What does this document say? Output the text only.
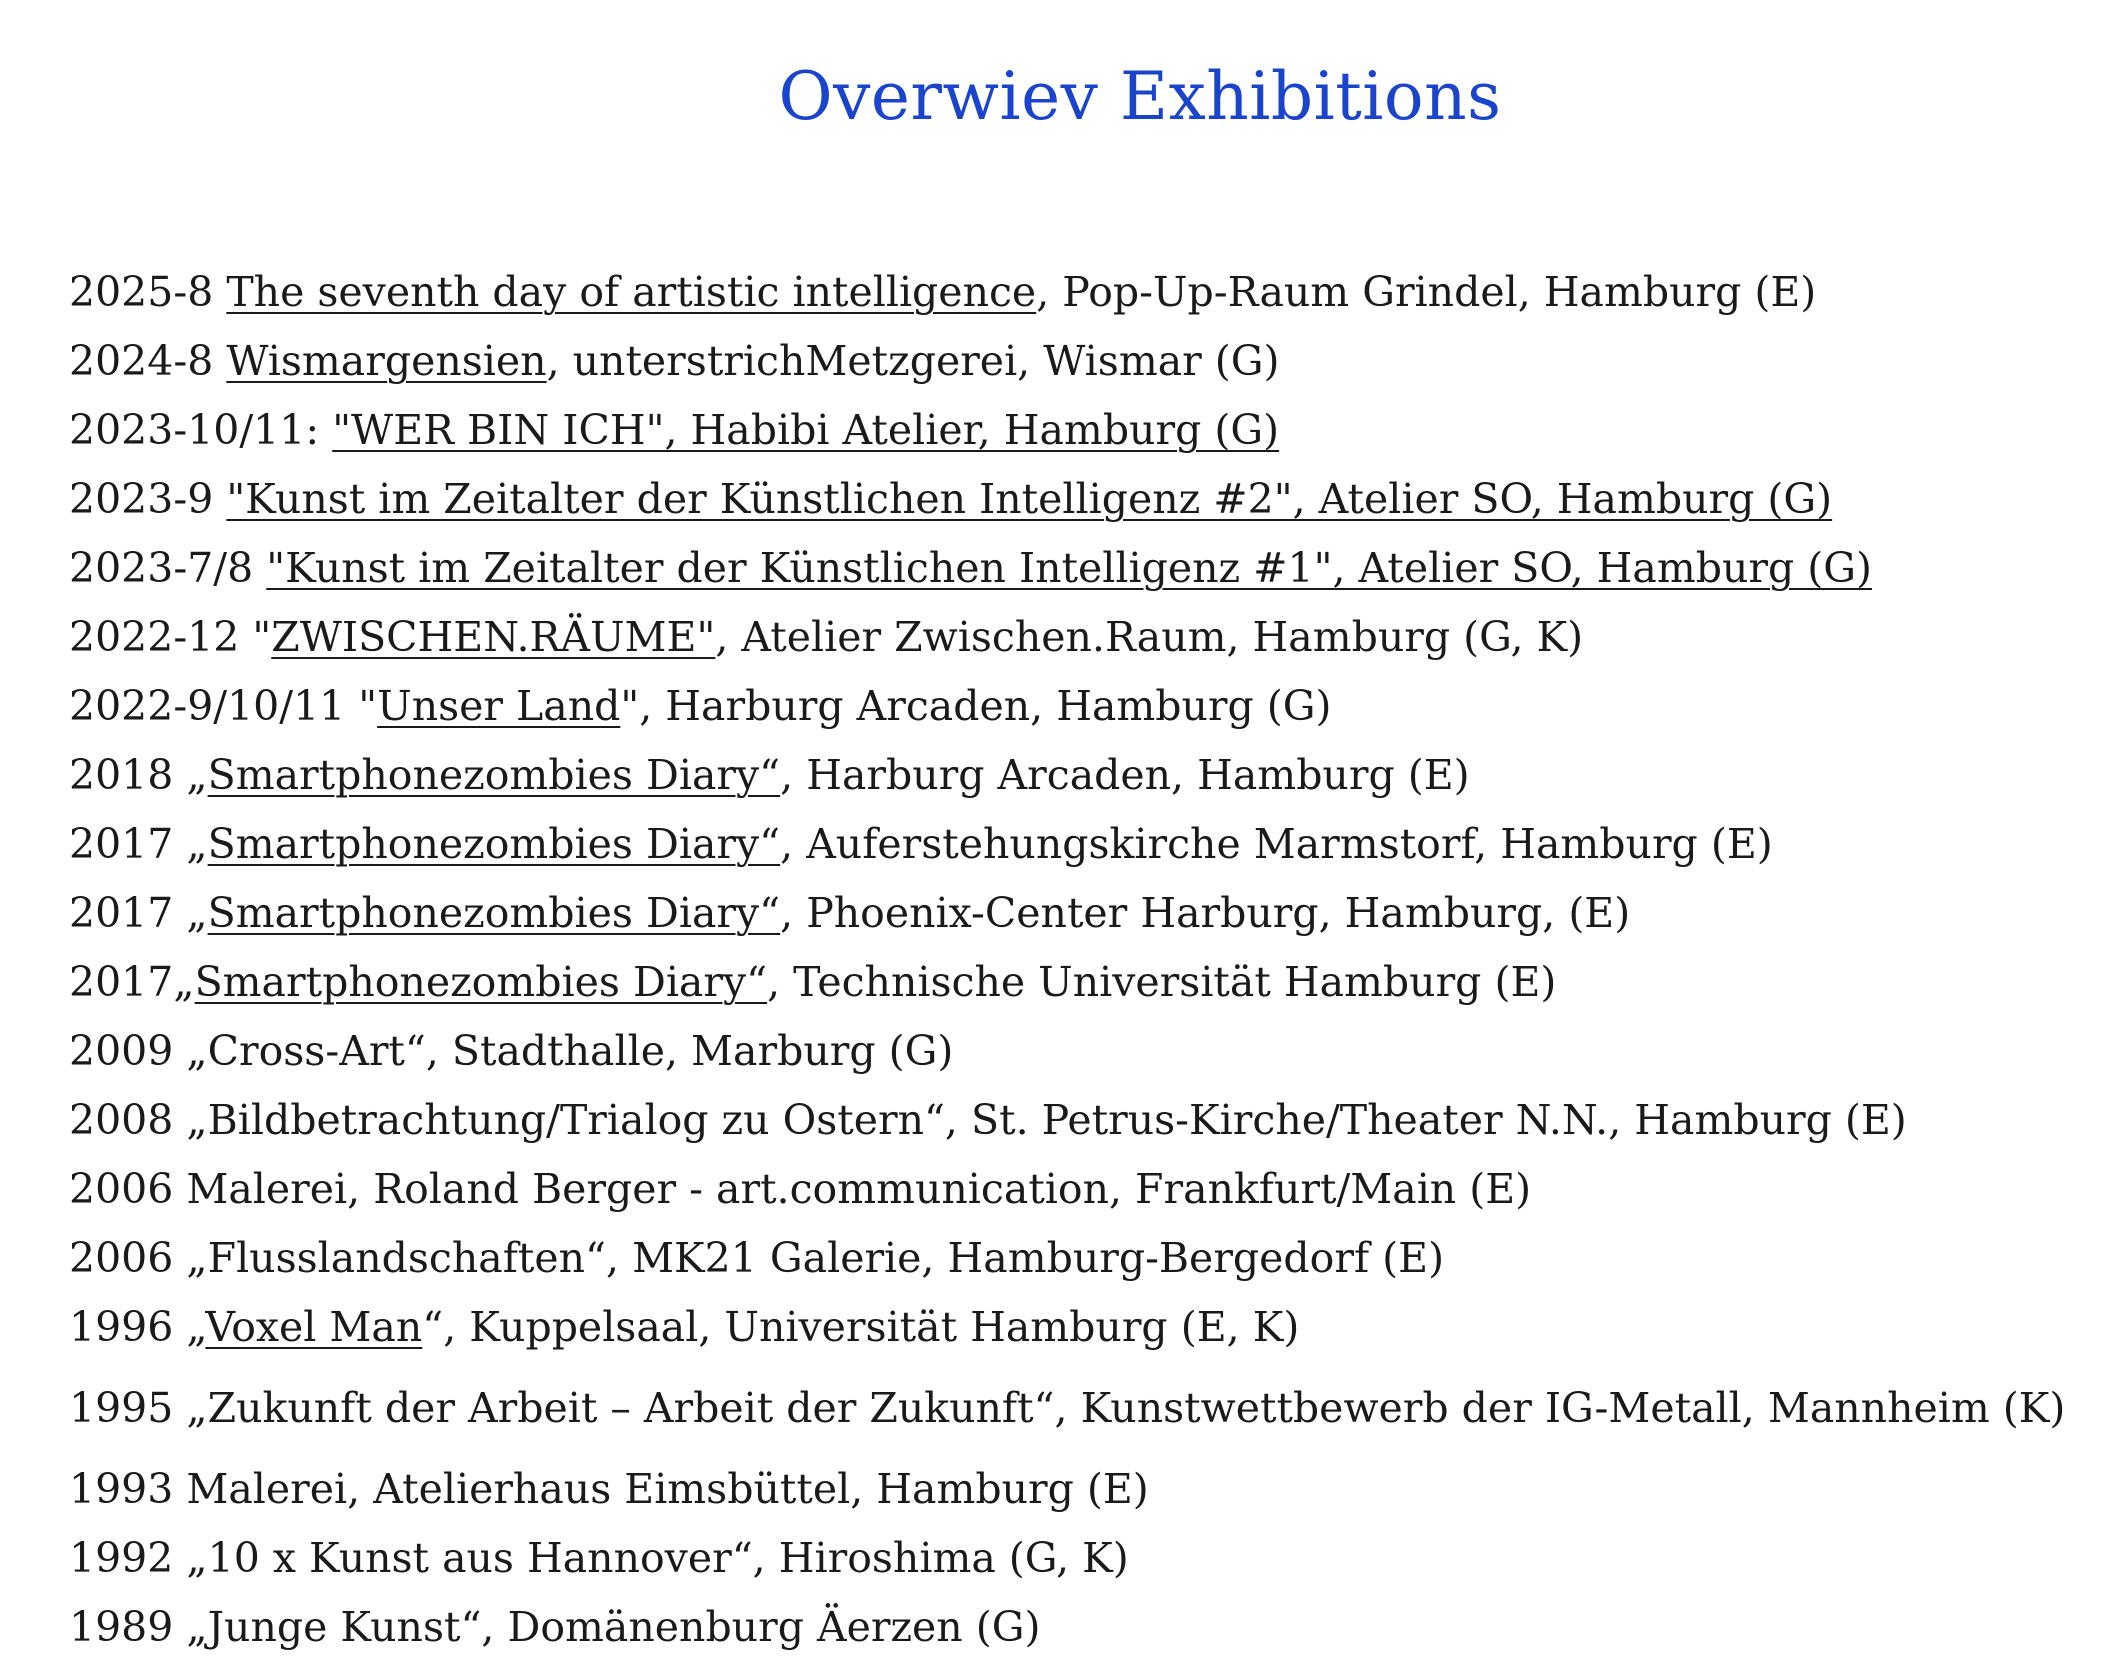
Overwiev Exhibitions
2025-8 The seventh day of artistic intelligence, Pop-Up-Raum Grindel, Hamburg (E)
2024-8 Wismargensien, unterstrichMetzgerei, Wismar (G)
2023-10/11: "WER BIN ICH", Habibi Atelier, Hamburg (G)
2023-9 "Kunst im Zeitalter der Künstlichen Intelligenz #2", Atelier SO, Hamburg (G)
2023-7/8 "Kunst im Zeitalter der Künstlichen Intelligenz #1", Atelier SO, Hamburg (G)
2022-12 "ZWISCHEN.RÄUME", Atelier Zwischen.Raum, Hamburg (G, K)
2022-9/10/11 "Unser Land", Harburg Arcaden, Hamburg (G)
2018 „Smartphonezombies Diary“, Harburg Arcaden, Hamburg (E)
2017 „Smartphonezombies Diary“, Auferstehungskirche Marmstorf, Hamburg (E)
2017 „Smartphonezombies Diary“, Phoenix-Center Harburg, Hamburg, (E)
2017„Smartphonezombies Diary“, Technische Universität Hamburg (E)
2009 „Cross-Art“, Stadthalle, Marburg (G)
2008 „Bildbetrachtung/Trialog zu Ostern“, St. Petrus-Kirche/Theater N.N., Hamburg (E)
2006 Malerei, Roland Berger - art.communication, Frankfurt/Main (E)
2006 „Flusslandschaften“, MK21 Galerie, Hamburg-Bergedorf (E)
1996 „Voxel Man“, Kuppelsaal, Universität Hamburg (E, K)
1995 „Zukunft der Arbeit – Arbeit der Zukunft“, Kunstwettbewerb der IG-Metall, Mannheim (K)
1993 Malerei, Atelierhaus Eimsbüttel, Hamburg (E)
1992 „10 x Kunst aus Hannover“, Hiroshima (G, K)
1989 „Junge Kunst“, Domänenburg Äerzen (G)
